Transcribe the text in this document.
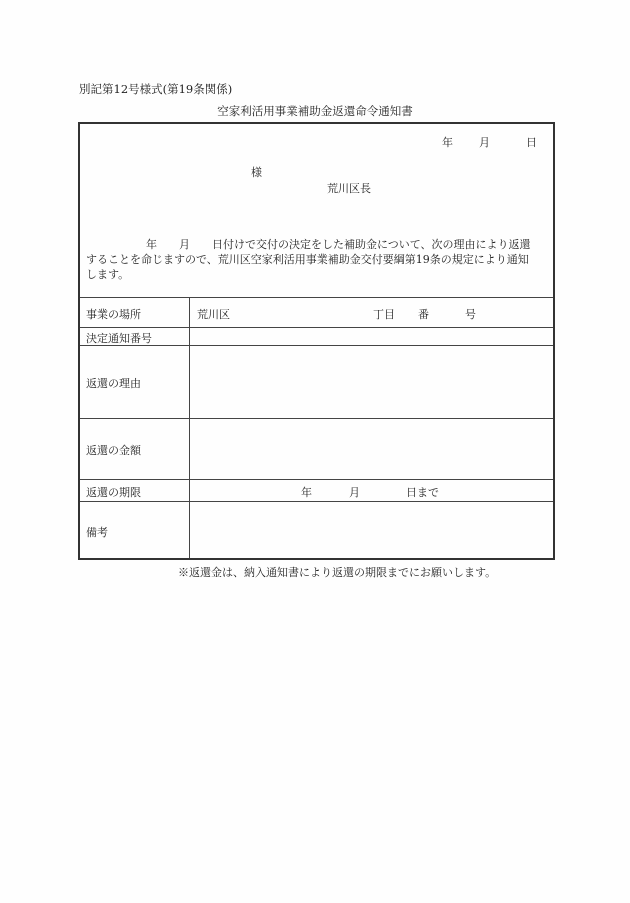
別記第12号様式(第19条関係)
空家利活用事業補助金返還命令通知書
年 月	日
様
荒川区長
年 月 日付けで交付の決定をした補助金について、次の理由により返還
することを命じますので、荒川区空家利活用事業補助金交付要綱第19条の規定により通知
します。
事業の場所	荒川区	丁目 番	号
決定通知番号
返還の理由
返還の金額
返還の期限	年	月	日まで
備考
※返還金は、納入通知書により返還の期限までにお願いします。
